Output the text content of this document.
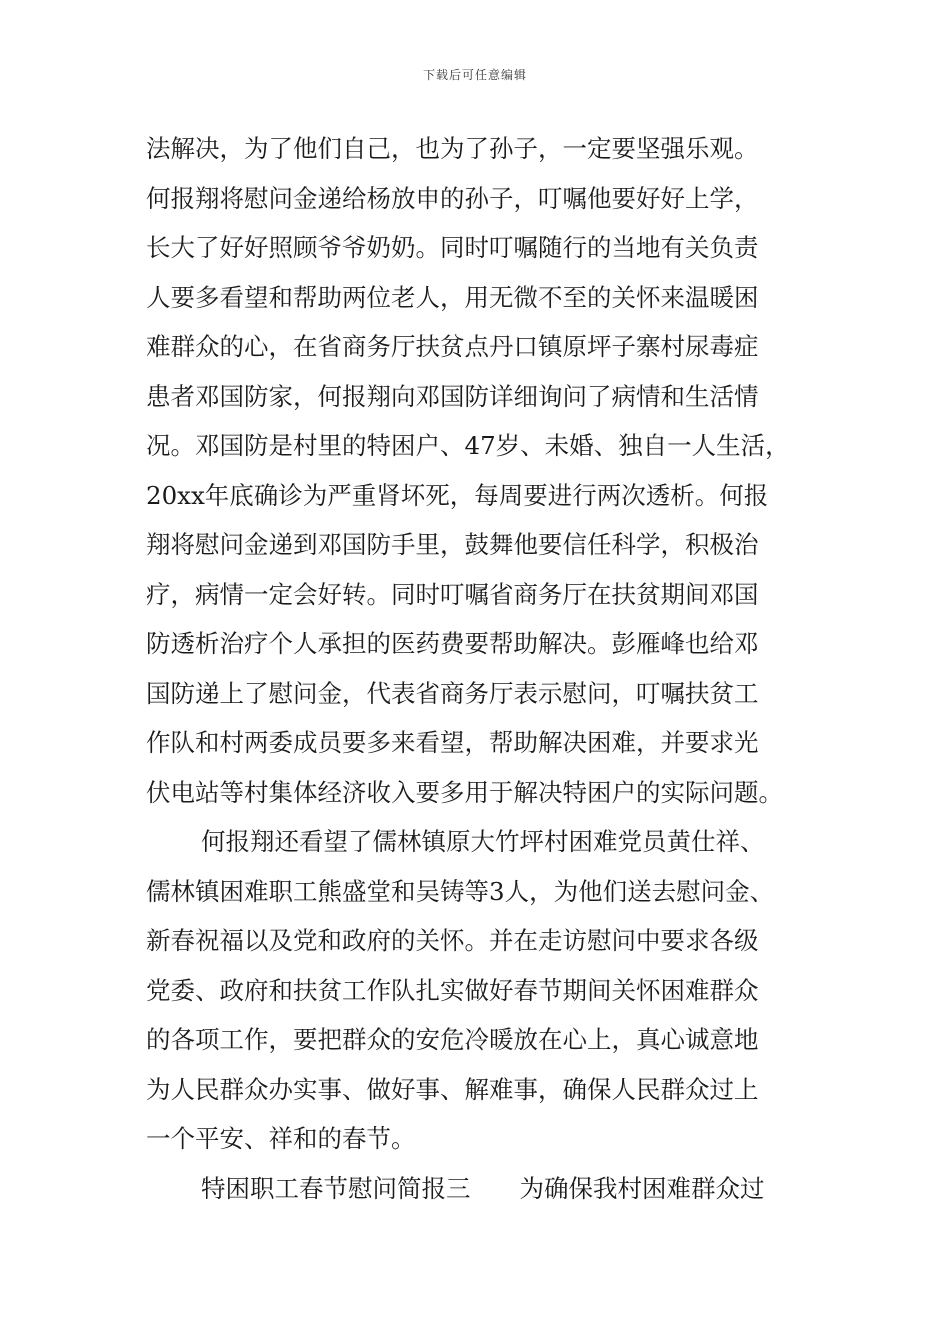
下载后可任意编辑
法解决，为了他们自己，也为了孙子，一定要坚强乐观。
何报翔将慰问金递给杨放申的孙子，叮嘱他要好好上学，
长大了好好照顾爷爷奶奶。同时叮嘱随行的当地有关负责
人要多看望和帮助两位老人，用无微不至的关怀来温暖困
难群众的心，在省商务厅扶贫点丹口镇原坪子寨村尿毒症
患者邓国防家，何报翔向邓国防详细询问了病情和生活情
况。邓国防是村里的特困户、47岁、未婚、独自一人生活，
20xx年底确诊为严重肾坏死，每周要进行两次透析。何报
翔将慰问金递到邓国防手里，鼓舞他要信任科学，积极治
疗，病情一定会好转。同时叮嘱省商务厅在扶贫期间邓国
防透析治疗个人承担的医药费要帮助解决。彭雁峰也给邓
国防递上了慰问金，代表省商务厅表示慰问，叮嘱扶贫工
作队和村两委成员要多来看望，帮助解决困难，并要求光
伏电站等村集体经济收入要多用于解决特困户的实际问题。
何报翔还看望了儒林镇原大竹坪村困难党员黄仕祥、
儒林镇困难职工熊盛堂和吴铸等3人，为他们送去慰问金、
新春祝福以及党和政府的关怀。并在走访慰问中要求各级
党委、政府和扶贫工作队扎实做好春节期间关怀困难群众
的各项工作，要把群众的安危冷暖放在心上，真心诚意地
为人民群众办实事、做好事、解难事，确保人民群众过上
一个平安、祥和的春节。
特困职工春节慰问简报三　　为确保我村困难群众过
